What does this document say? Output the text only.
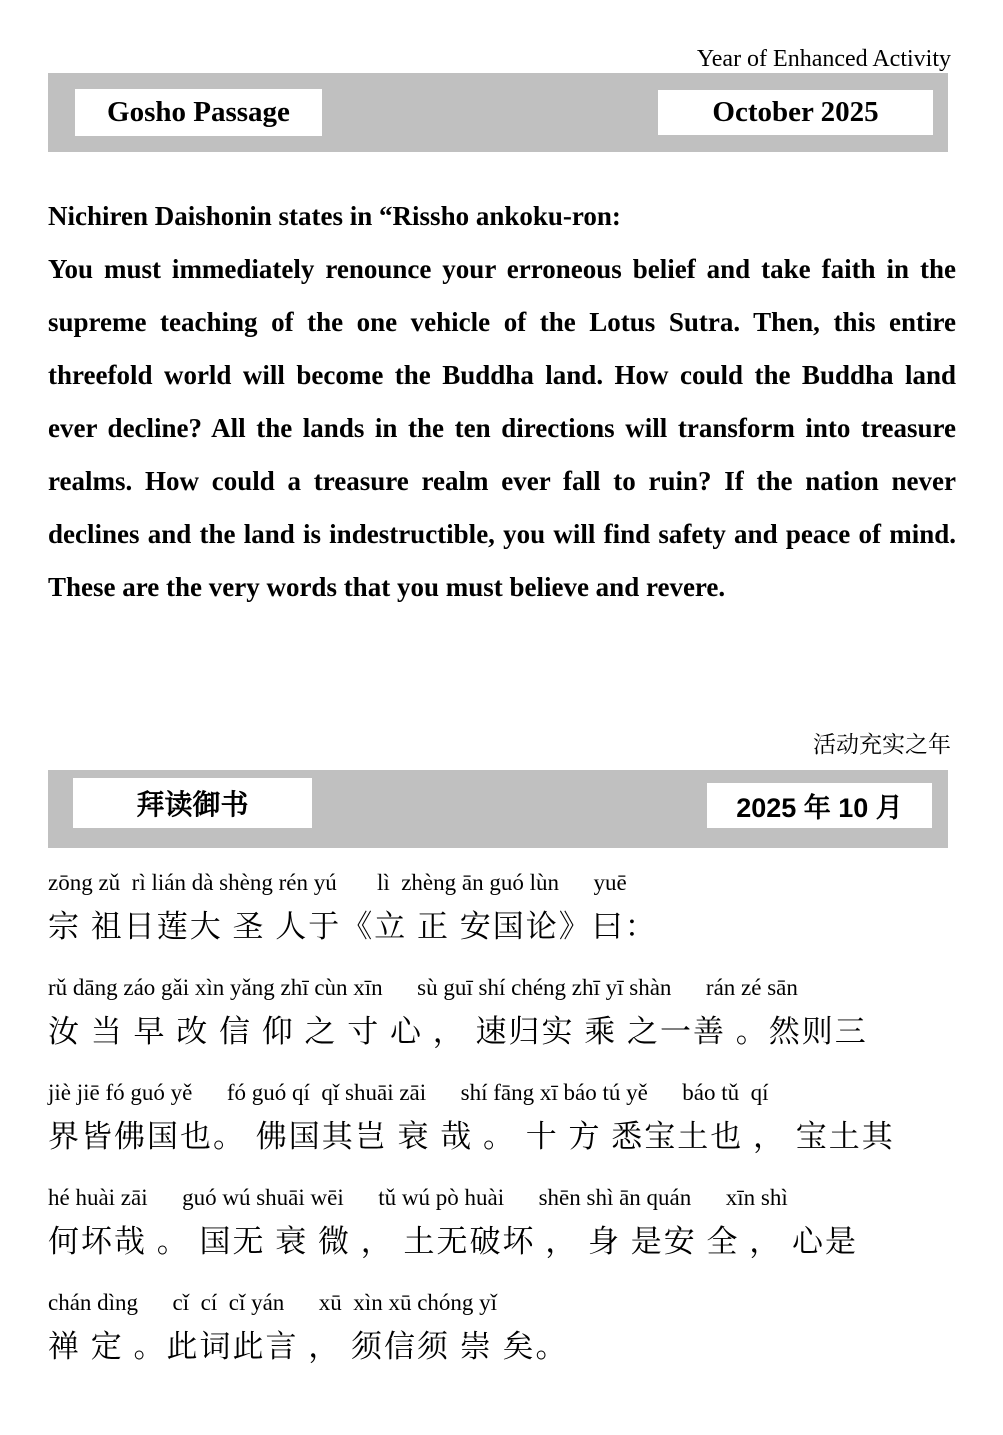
Year of Enhanced Activity
Gosho Passage	October 2025

Nichiren Daishonin states in “Rissho ankoku-ron:

You must immediately renounce your erroneous belief and take faith in the supreme teaching of the one vehicle of the Lotus Sutra. Then, this entire threefold world will become the Buddha land. How could the Buddha land ever decline? All the lands in the ten directions will transform into treasure realms. How could a treasure realm ever fall to ruin? If the nation never declines and the land is indestructible, you will find safety and peace of mind. These are the very words that you must believe and revere.

活动充实之年
拜读御书	2025 年 10 月
zōng zǔ  rì lián dà shèng rén yú       lì  zhèng ān guó lùn      yuē
宗 祖日莲大 圣 人于《立 正 安国论》曰：
rǔ dāng záo gǎi xìn yǎng zhī cùn xīn      sù guī shí chéng zhī yī shàn      rán zé sān
汝 当 早 改 信 仰 之 寸 心 ， 速归实 乘 之一善 。然则三
jiè jiē fó guó yě      fó guó qí  qǐ shuāi zāi      shí fāng xī báo tú yě      báo tǔ  qí
界皆佛国也。 佛国其岂 衰 哉 。 十 方 悉宝土也 ， 宝土其
hé huài zāi      guó wú shuāi wēi      tǔ wú pò huài      shēn shì ān quán      xīn shì
何坏哉 。 国无 衰 微 ， 土无破坏 ， 身 是安 全 ， 心是
chán dìng      cǐ  cí  cǐ yán      xū  xìn xū chóng yǐ
禅 定 。此词此言 ， 须信须 崇 矣。
